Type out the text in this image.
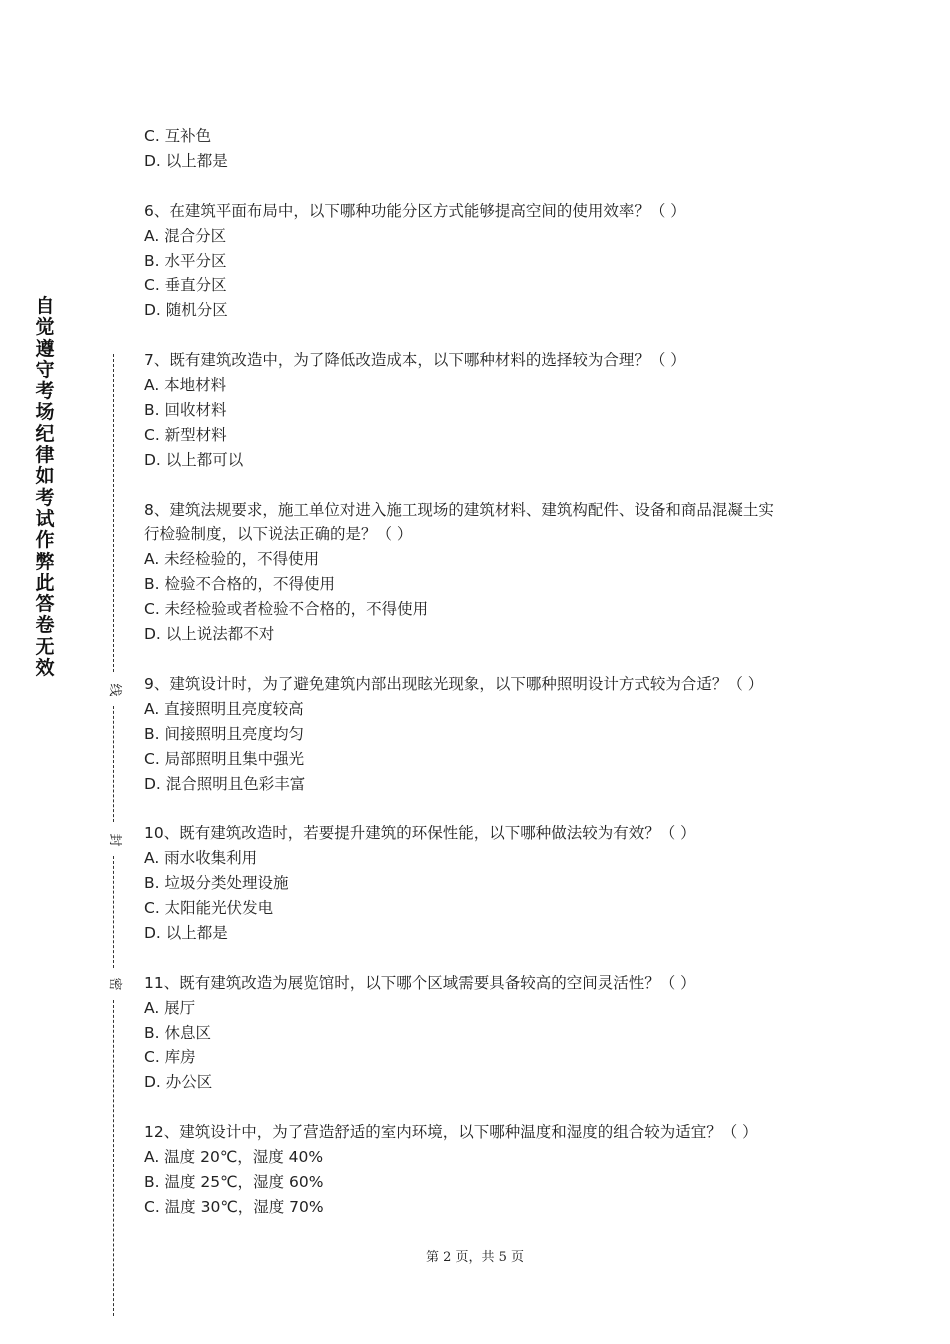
自觉遵守考场纪律如考试作弊此答卷无效
线
封
密
C. 互补色
D. 以上都是
6、在建筑平面布局中，以下哪种功能分区方式能够提高空间的使用效率？（ ）
A. 混合分区
B. 水平分区
C. 垂直分区
D. 随机分区
7、既有建筑改造中，为了降低改造成本，以下哪种材料的选择较为合理？（ ）
A. 本地材料
B. 回收材料
C. 新型材料
D. 以上都可以
8、建筑法规要求，施工单位对进入施工现场的建筑材料、建筑构配件、设备和商品混凝土实
行检验制度，以下说法正确的是？（ ）
A. 未经检验的，不得使用
B. 检验不合格的，不得使用
C. 未经检验或者检验不合格的，不得使用
D. 以上说法都不对
9、建筑设计时，为了避免建筑内部出现眩光现象，以下哪种照明设计方式较为合适？（ ）
A. 直接照明且亮度较高
B. 间接照明且亮度均匀
C. 局部照明且集中强光
D. 混合照明且色彩丰富
10、既有建筑改造时，若要提升建筑的环保性能，以下哪种做法较为有效？（ ）
A. 雨水收集利用
B. 垃圾分类处理设施
C. 太阳能光伏发电
D. 以上都是
11、既有建筑改造为展览馆时，以下哪个区域需要具备较高的空间灵活性？（ ）
A. 展厅
B. 休息区
C. 库房
D. 办公区
12、建筑设计中，为了营造舒适的室内环境，以下哪种温度和湿度的组合较为适宜？（ ）
A. 温度 20℃，湿度 40%
B. 温度 25℃，湿度 60%
C. 温度 30℃，湿度 70%
第 2 页，共 5 页
